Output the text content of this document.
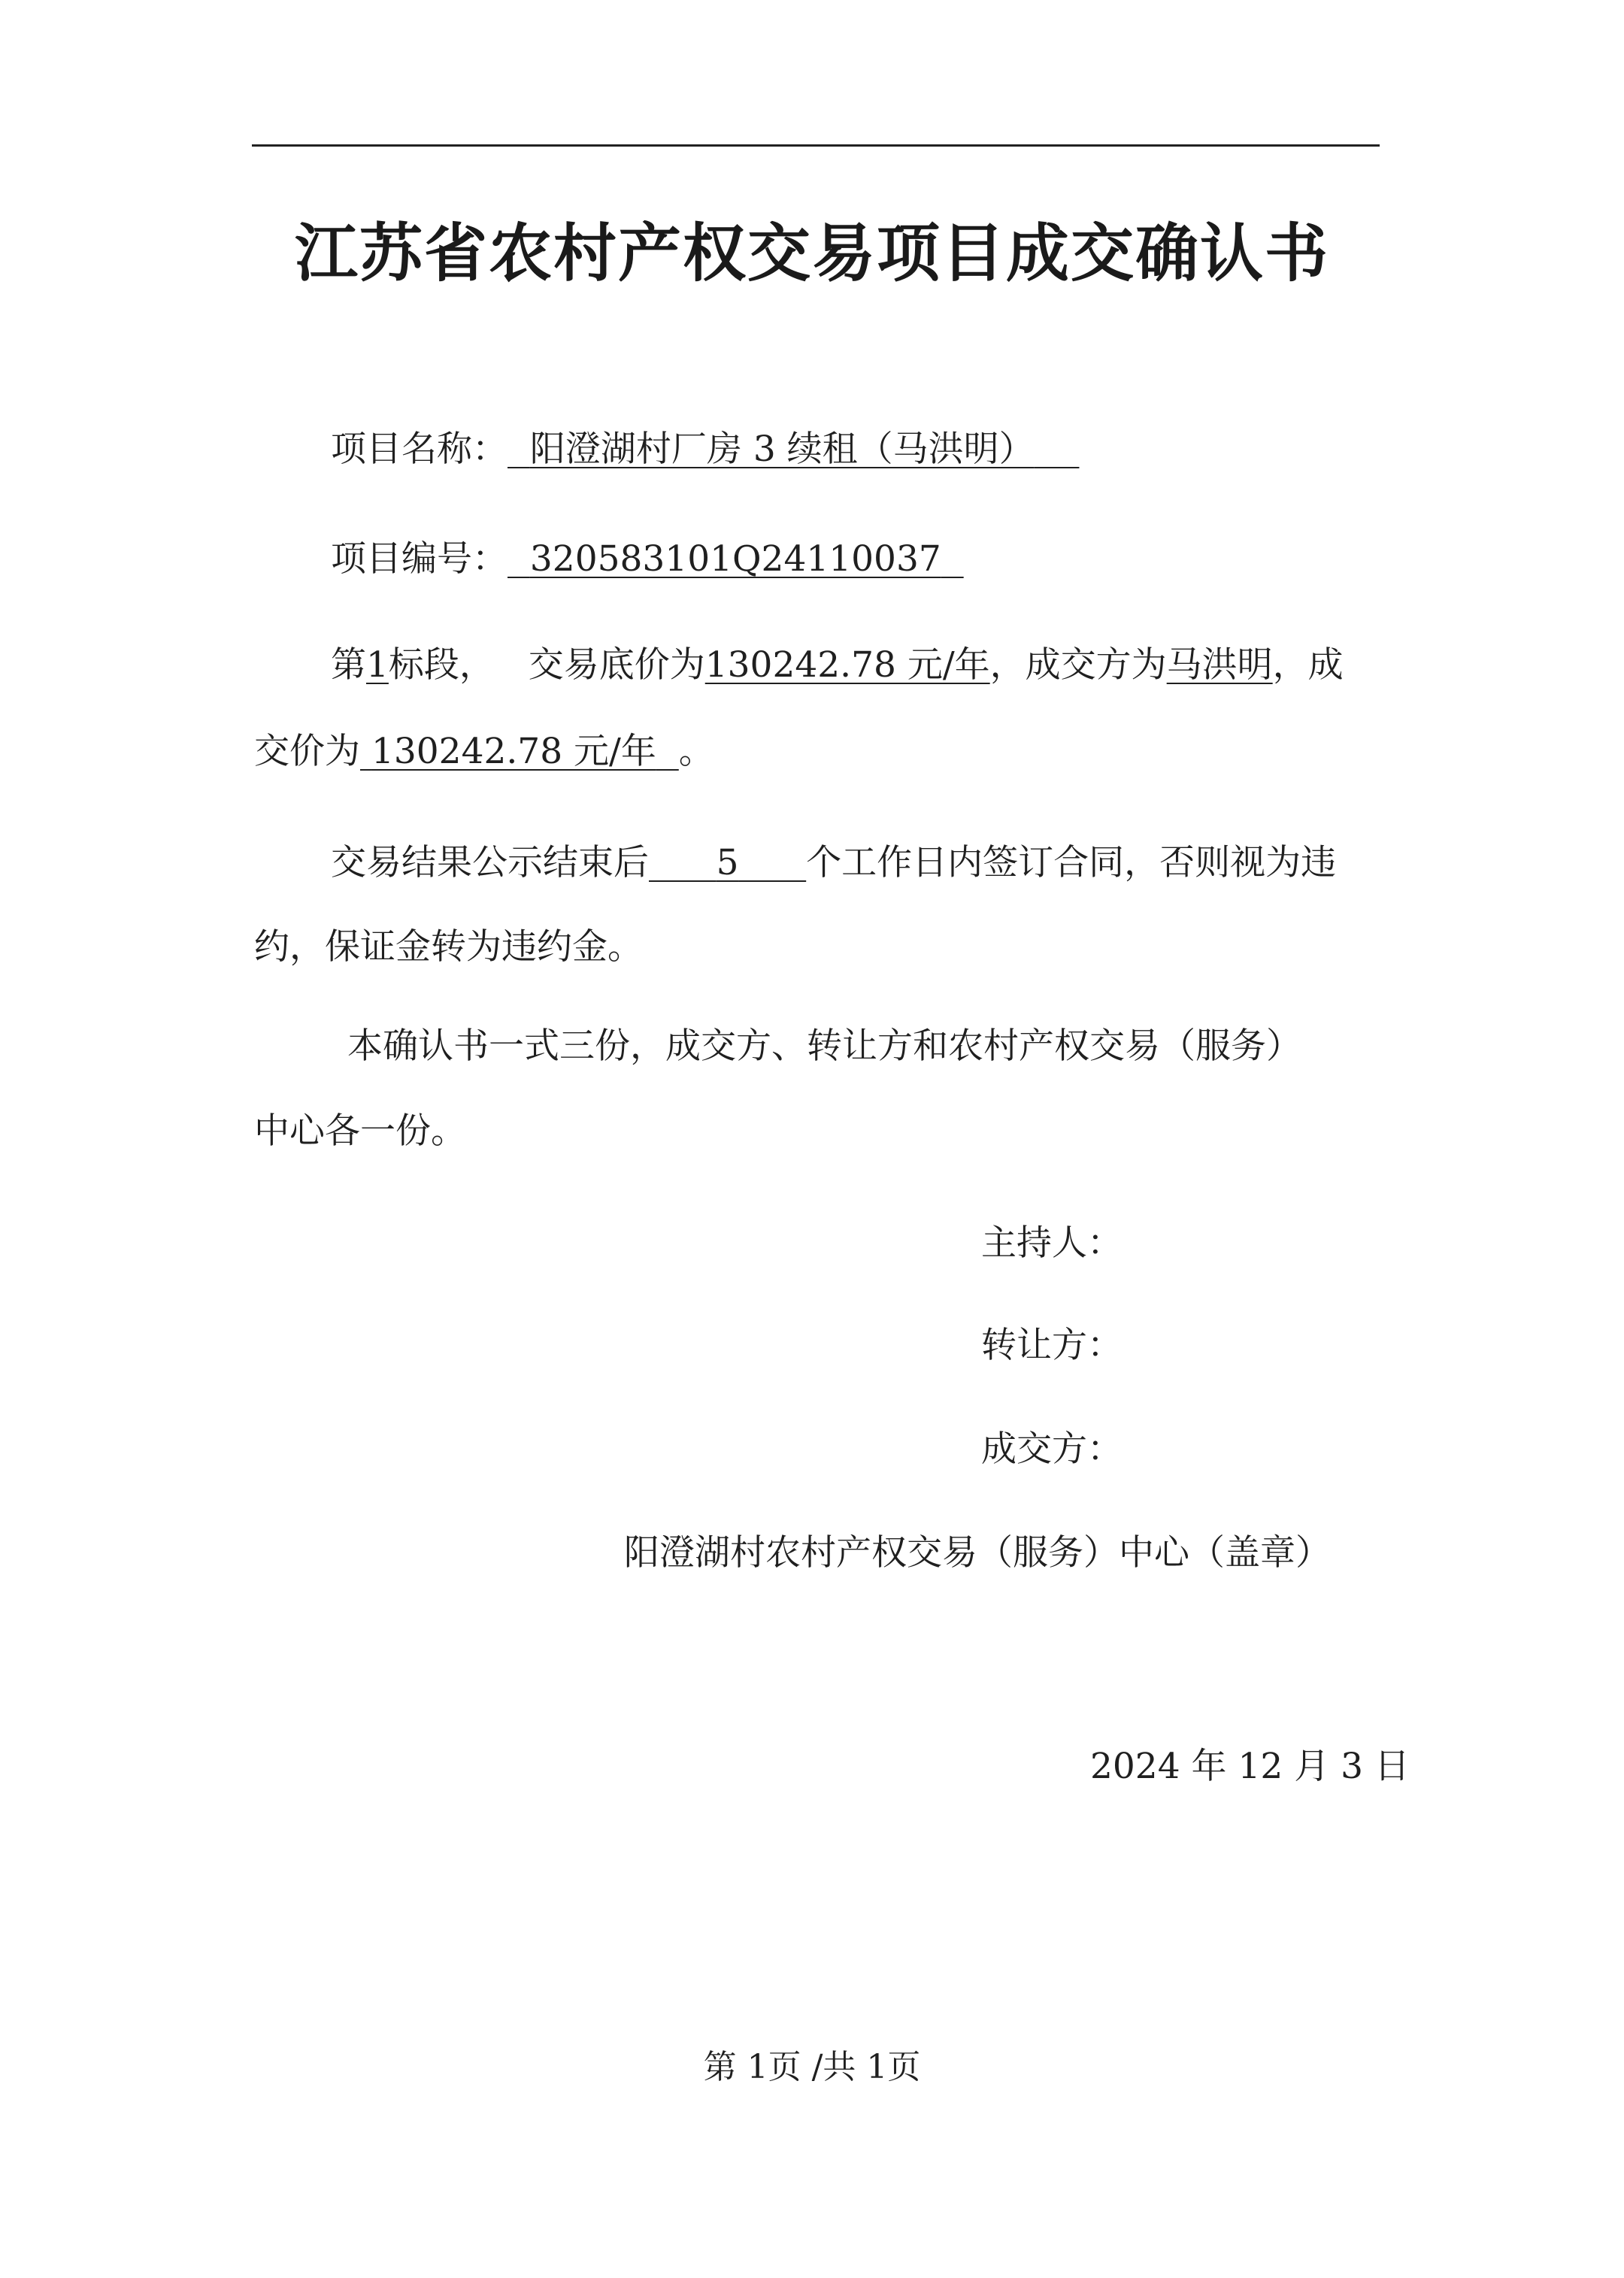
江苏省农村产权交易项目成交确认书
项目名称： 阳澄湖村厂房 3 续租（马洪明）
项目编号： 320583101Q24110037
第1标段， 交易底价为130242.78 元/年，成交方为马洪明，成
交价为 130242.78 元/年 。
交易结果公示结束后 5 个工作日内签订合同，否则视为违
约，保证金转为违约金。
本确认书一式三份，成交方、转让方和农村产权交易（服务）
中心各一份。
主持人：
转让方：
成交方：
阳澄湖村农村产权交易（服务）中心（盖章）
2024 年 12 月 3 日
第 1页 /共 1页
